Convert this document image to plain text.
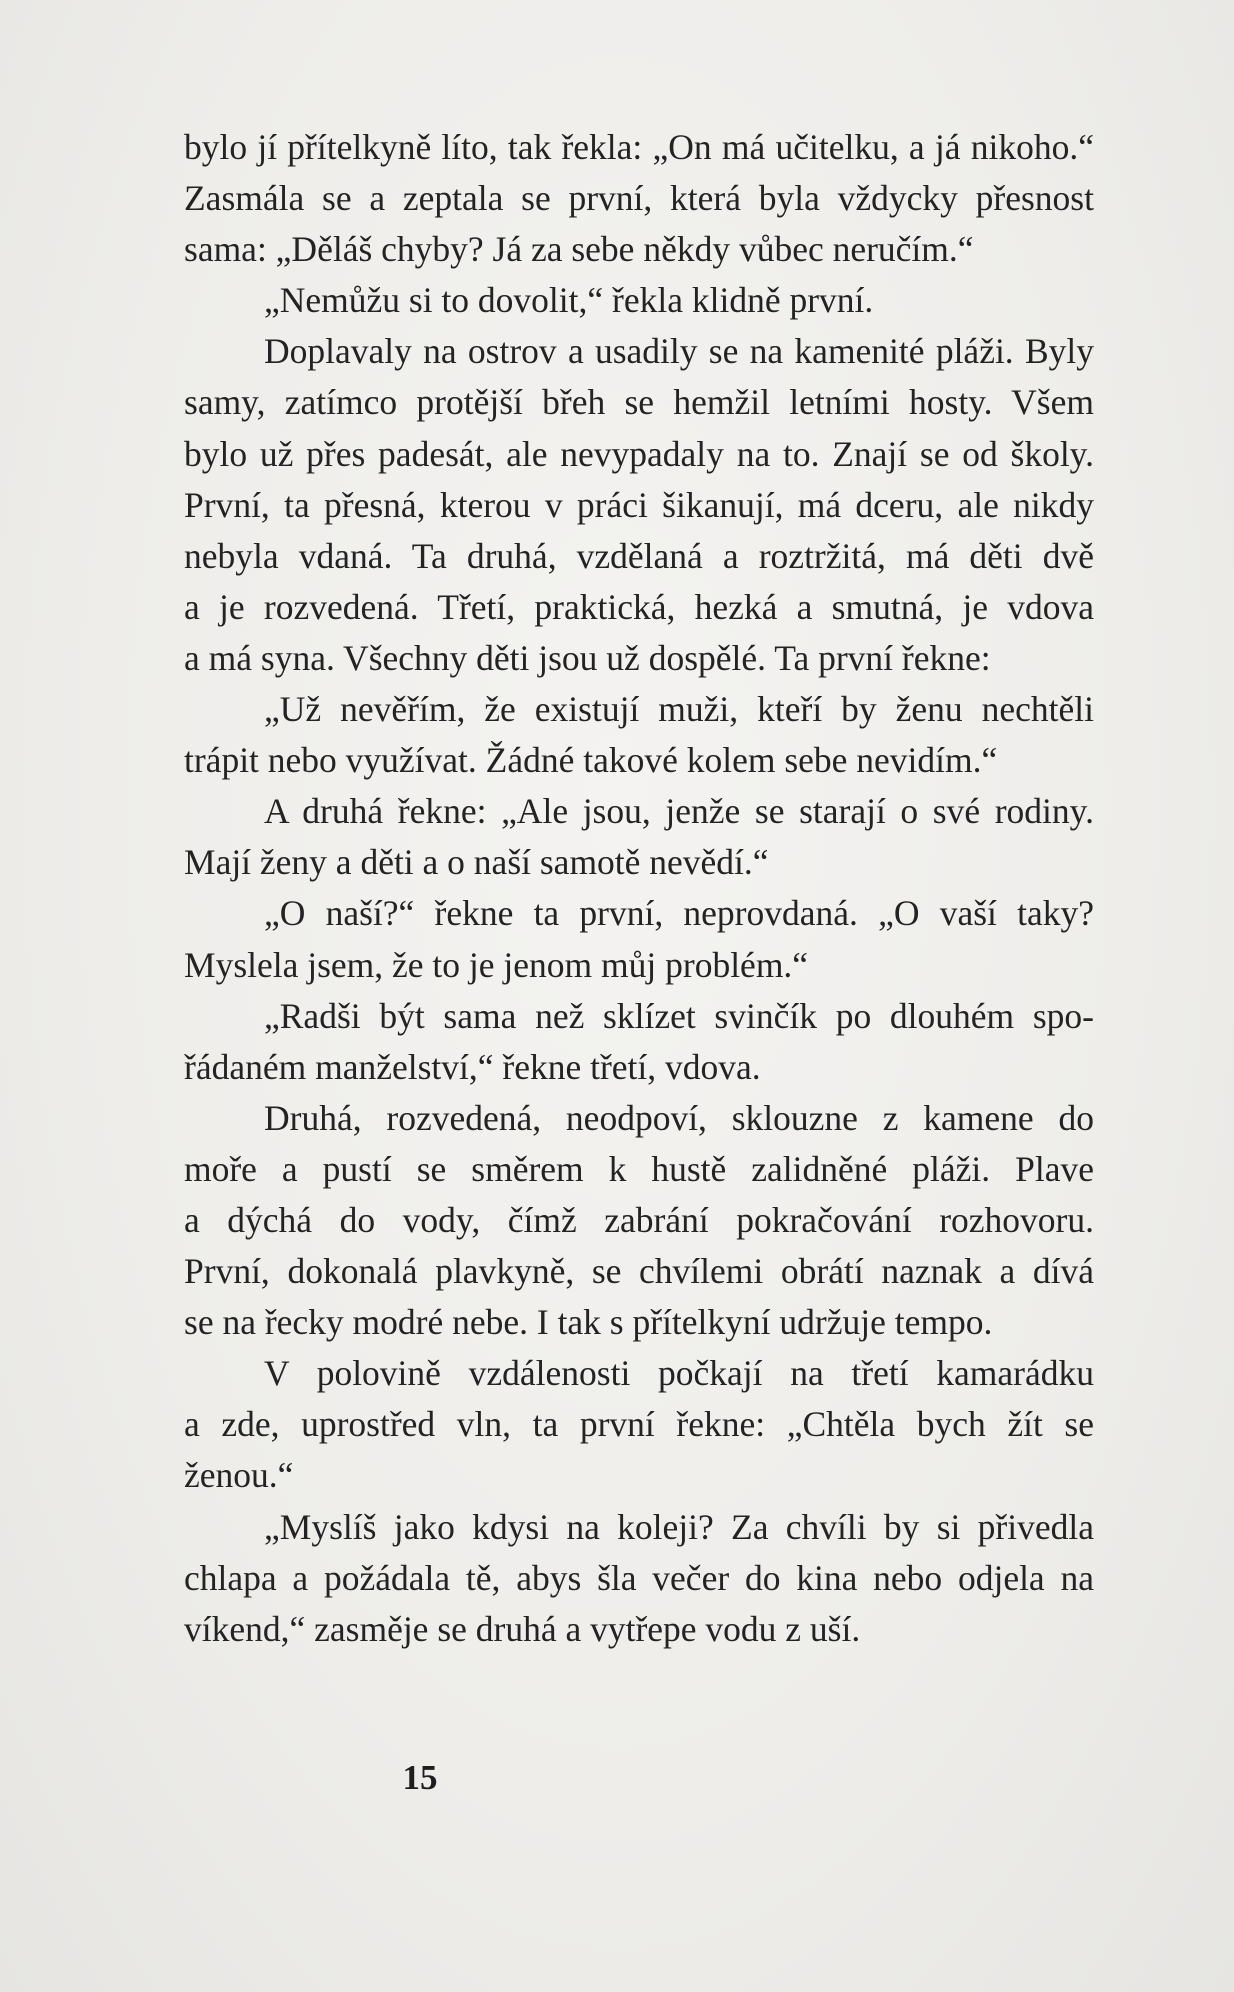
bylo jí přítelkyně líto, tak řekla: „On má učitelku, a já nikoho.“
Zasmála se a zeptala se první, která byla vždycky přesnost
sama: „Děláš chyby? Já za sebe někdy vůbec neručím.“
„Nemůžu si to dovolit,“ řekla klidně první.
Doplavaly na ostrov a usadily se na kamenité pláži. Byly
samy, zatímco protější břeh se hemžil letními hosty. Všem
bylo už přes padesát, ale nevypadaly na to. Znají se od školy.
První, ta přesná, kterou v práci šikanují, má dceru, ale nikdy
nebyla vdaná. Ta druhá, vzdělaná a roztržitá, má děti dvě
a je rozvedená. Třetí, praktická, hezká a smutná, je vdova
a má syna. Všechny děti jsou už dospělé. Ta první řekne:
„Už nevěřím, že existují muži, kteří by ženu nechtěli
trápit nebo využívat. Žádné takové kolem sebe nevidím.“
A druhá řekne: „Ale jsou, jenže se starají o své rodiny.
Mají ženy a děti a o naší samotě nevědí.“
„O naší?“ řekne ta první, neprovdaná. „O vaší taky?
Myslela jsem, že to je jenom můj problém.“
„Radši být sama než sklízet svinčík po dlouhém spo-
řádaném manželství,“ řekne třetí, vdova.
Druhá, rozvedená, neodpoví, sklouzne z kamene do
moře a pustí se směrem k hustě zalidněné pláži. Plave
a dýchá do vody, čímž zabrání pokračování rozhovoru.
První, dokonalá plavkyně, se chvílemi obrátí naznak a dívá
se na řecky modré nebe. I tak s přítelkyní udržuje tempo.
V polovině vzdálenosti počkají na třetí kamarádku
a zde, uprostřed vln, ta první řekne: „Chtěla bych žít se
ženou.“
„Myslíš jako kdysi na koleji? Za chvíli by si přivedla
chlapa a požádala tě, abys šla večer do kina nebo odjela na
víkend,“ zasměje se druhá a vytřepe vodu z uší.
15
